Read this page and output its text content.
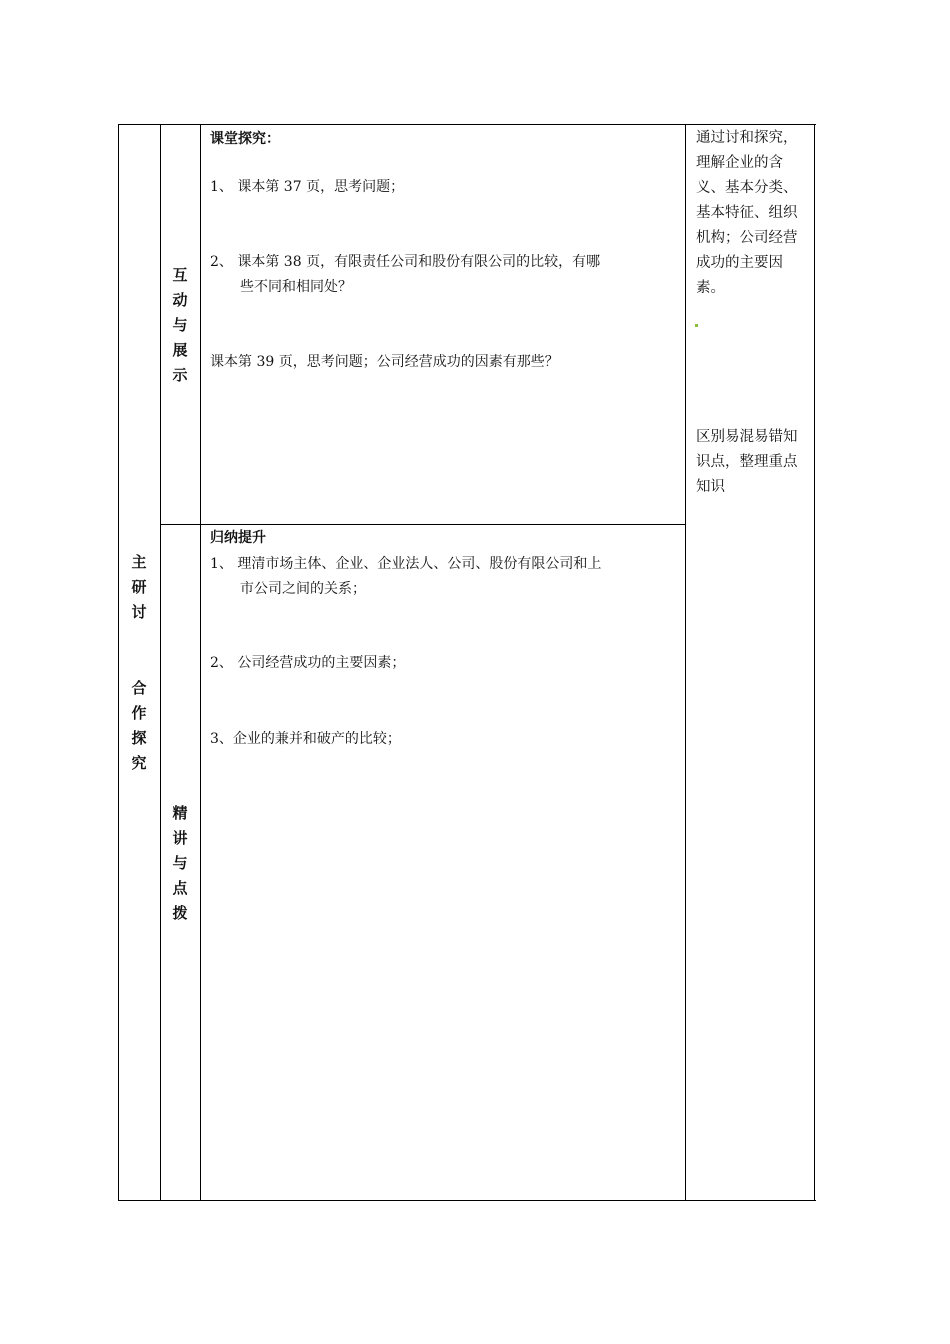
主
研
讨
合
作
探
究
互
动
与
展
示
精
讲
与
点
拨
课堂探究：
1、 课本第 37 页，思考问题；
2、 课本第 38 页，有限责任公司和股份有限公司的比较，有哪
些不同和相同处？
课本第 39 页，思考问题；公司经营成功的因素有那些？
归纳提升
1、 理清市场主体、企业、企业法人、公司、股份有限公司和上
市公司之间的关系；
2、 公司经营成功的主要因素；
3、企业的兼并和破产的比较；
通过讨和探究，理解企业的含义、基本分类、基本特征、组织机构；公司经营成功的主要因素。
区别易混易错知识点，整理重点知识
